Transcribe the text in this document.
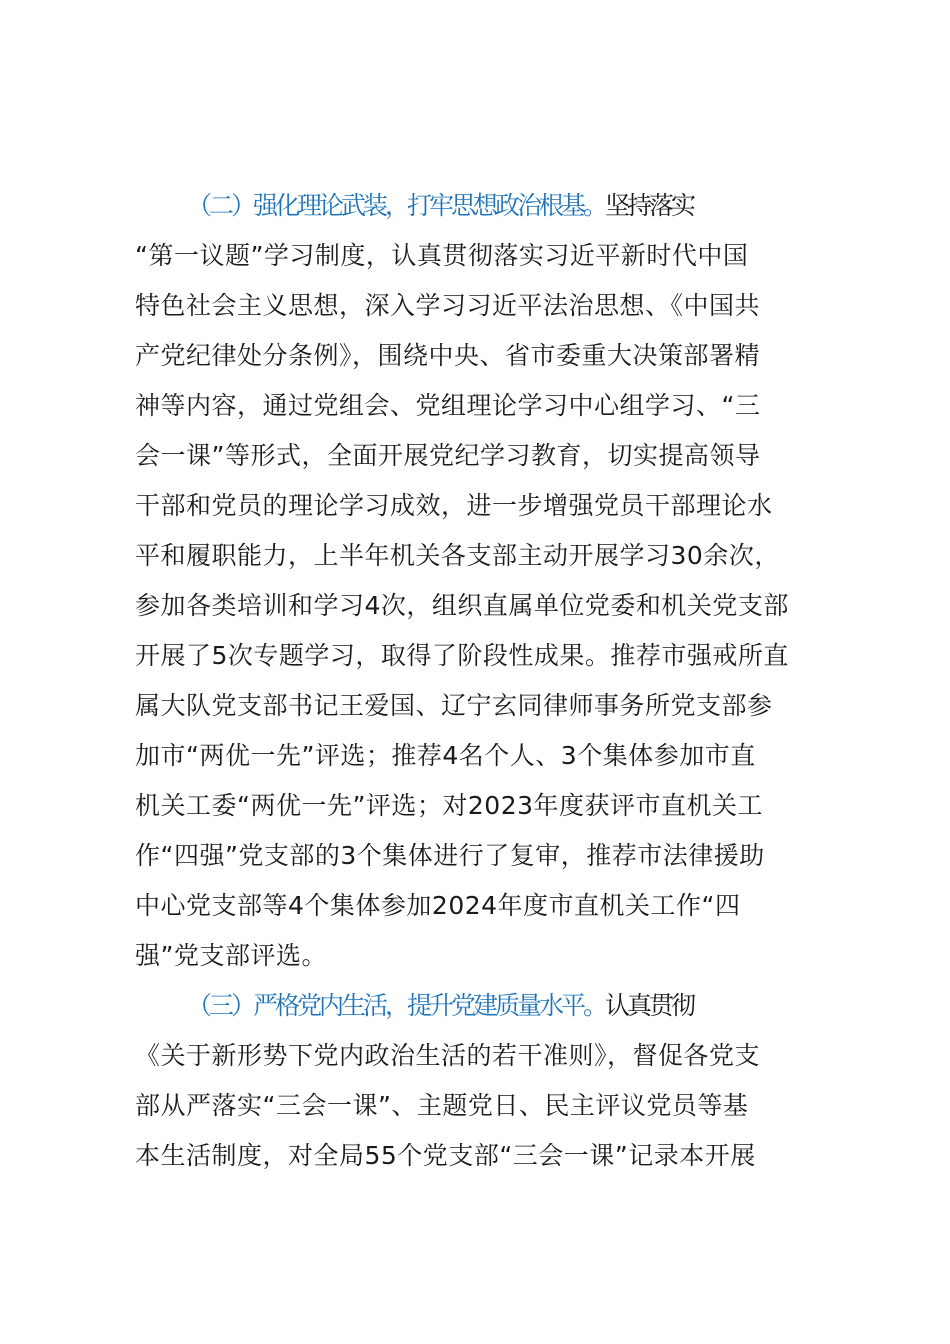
（二）强化理论武装，打牢思想政治根基。坚持落实
“第一议题”学习制度，认真贯彻落实习近平新时代中国
特色社会主义思想，深入学习习近平法治思想、《中国共
产党纪律处分条例》，围绕中央、省市委重大决策部署精
神等内容，通过党组会、党组理论学习中心组学习、“三
会一课”等形式，全面开展党纪学习教育，切实提高领导
干部和党员的理论学习成效，进一步增强党员干部理论水
平和履职能力，上半年机关各支部主动开展学习30余次，
参加各类培训和学习4次，组织直属单位党委和机关党支部
开展了5次专题学习，取得了阶段性成果。推荐市强戒所直
属大队党支部书记王爱国、辽宁玄同律师事务所党支部参
加市“两优一先”评选；推荐4名个人、3个集体参加市直
机关工委“两优一先”评选；对2023年度获评市直机关工
作“四强”党支部的3个集体进行了复审，推荐市法律援助
中心党支部等4个集体参加2024年度市直机关工作“四
强”党支部评选。
（三）严格党内生活，提升党建质量水平。认真贯彻
《关于新形势下党内政治生活的若干准则》，督促各党支
部从严落实“三会一课”、主题党日、民主评议党员等基
本生活制度，对全局55个党支部“三会一课”记录本开展
